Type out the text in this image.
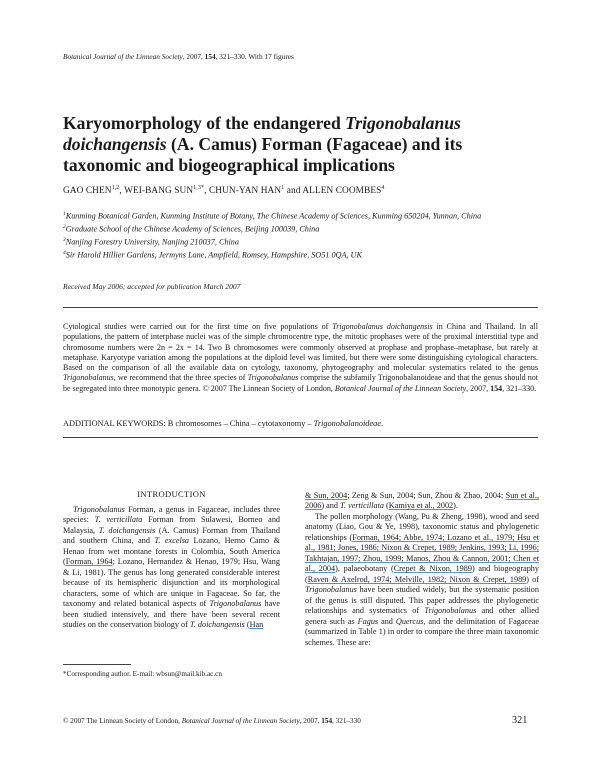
Botanical Journal of the Linnean Society, 2007, 154, 321–330. With 17 figures
Karyomorphology of the endangered Trigonobalanus doichangensis (A. Camus) Forman (Fagaceae) and its taxonomic and biogeographical implications
GAO CHEN$^{1,2}$, WEI-BANG $SUN^{1,3*}$, CHUN-YAN HAN$^1$ and ALLEN COOMBES$^4$

$^1$Kunming Botanical Garden, Kunming Institute of Botany, The Chinese Academy of Sciences, Kunming 650204, Yunnan, China

$^2$Graduate School of the Chinese Academy of Sciences, Beijing 100039, China

$^3$Nanjing Forestry University, Nanjing 210037, China

$^4$Sir Harold Hillier Gardens, Jermyns Lane, Ampfield, Romsey, Hampshire, SO51 0QA, UK

Received May 2006; accepted for publication March 2007

Cytological studies were carried out for the first time on five populations of Trigonobalanus doichangensis in China and Thailand. In all populations, the pattern of interphase nuclei was of the simple chromocentre type, the mitotic prophases were of the proximal interstitial type and chromosome numbers were 2n = 2x = 14. Two B chromosomes were commonly observed at prophase and prophase–metaphase, but rarely at metaphase. Karyotype variation among the populations at the diploid level was limited, but there were some distinguishing cytological characters. Based on the comparison of all the available data on cytology, taxonomy, phytogeography and molecular systematics related to the genus Trigonobalanus, we recommend that the three species of Trigonobalanus comprise the subfamily Trigonobalanoideae and that the genus should not be segregated into three monotypic genera. © 2007 The Linnean Society of London, Botanical Journal of the Linnean Society, 2007, 154, 321–330.

ADDITIONAL KEYWORDS: B chromosomes – China – cytotaxonomy – Trigonobalanoideae.
INTRODUCTION

Trigonobalanus Forman, a genus in Fagaceae, includes three species: T. verticillata Forman from Sulawesi, Borneo and Malaysia, T. doichangensis (A. Camus) Forman from Thailand and southern China, and T. excelsa Lozano, Herno Camo & Henao from wet montane forests in Colombia, South America (Forman, 1964; Lozano, Hernandez & Henao, 1979; Hsu, Wang & Li, 1981). The genus has long generated considerable interest because of its hemispheric disjunction and its morphological characters, some of which are unique in Fagaceae. So far, the taxonomy and related botanical aspects of Trigonobalanus have been studied intensively, and there have been several recent studies on the conservation biology of T. doichangensis (Han

& Sun, 2004; Zeng & Sun, 2004; Sun, Zhou & Zhao, 2004; Sun et al., 2006) and T. verticillata (Kamiya et al., 2002).

The pollen morphology (Wang, Pu & Zheng, 1998), wood and seed anatomy (Liao, Gou & Ye, 1998), taxonomic status and phylogenetic relationships (Forman, 1964; Abbe, 1974; Lozano et al., 1979; Hsu et al., 1981; Jones, 1986; Nixon & Crepet, 1989; Jenkins, 1993; Li, 1996; Takhtajan, 1997; Zhou, 1999; Manos, Zhou & Cannon, 2001; Chen et al., 2004), palaeobotany (Crepet & Nixon, 1989) and biogeography (Raven & Axelrod, 1974; Melville, 1982; Nixon & Crepet, 1989) of Trigonobalanus have been studied widely, but the systematic position of the genus is still disputed. This paper addresses the phylogenetic relationships and systematics of Trigonobalanus and other allied genera such as Fagus and Quercus, and the delimitation of Fagaceae (summarized in Table 1) in order to compare the three main taxonomic schemes. These are:

*Corresponding author. E-mail: wbsun@mail.kib.ac.cn
© 2007 The Linnean Society of London, Botanical Journal of the Linnean Society, 2007, 154, 321–330	321
